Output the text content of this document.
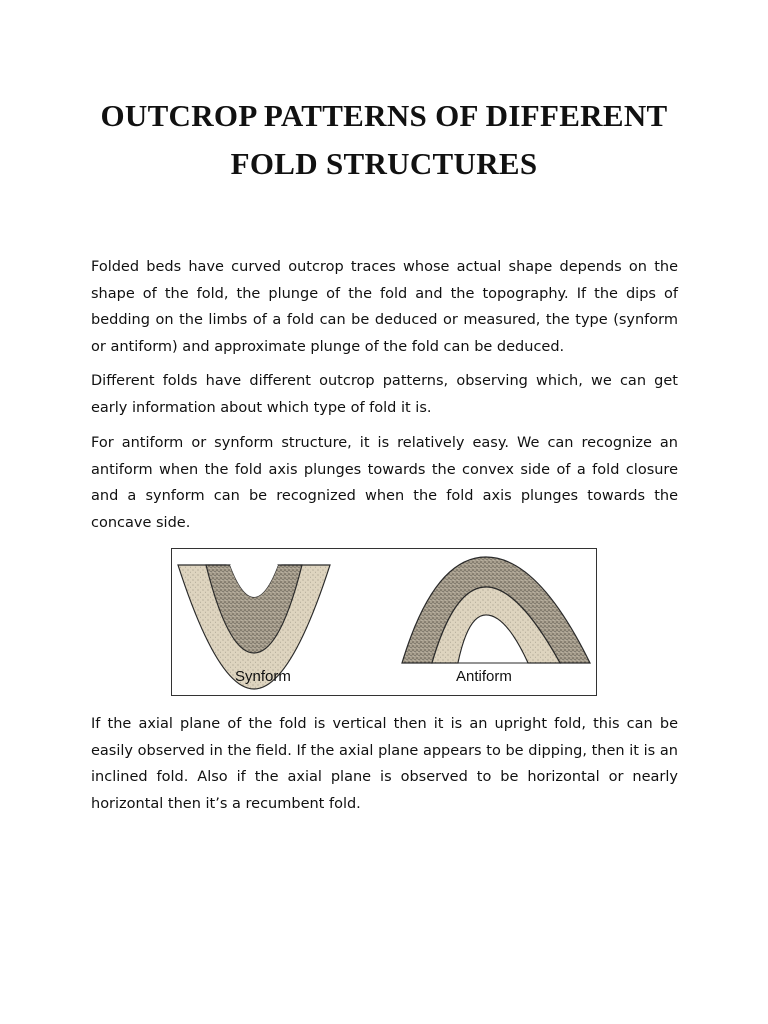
OUTCROP PATTERNS OF DIFFERENT FOLD STRUCTURES

Folded beds have curved outcrop traces whose actual shape depends on the shape of the fold, the plunge of the fold and the topography. If the dips of bedding on the limbs of a fold can be deduced or measured, the type (synform or antiform) and approximate plunge of the fold can be deduced.

Different folds have different outcrop patterns, observing which, we can get early information about which type of fold it is.

For antiform or synform structure, it is relatively easy. We can recognize an antiform when the fold axis plunges towards the convex side of a fold closure and a synform can be recognized when the fold axis plunges towards the concave side.

Synform	Antiform

If the axial plane of the fold is vertical then it is an upright fold, this can be easily observed in the field. If the axial plane appears to be dipping, then it is an inclined fold. Also if the axial plane is observed to be horizontal or nearly horizontal then it’s a recumbent fold.
